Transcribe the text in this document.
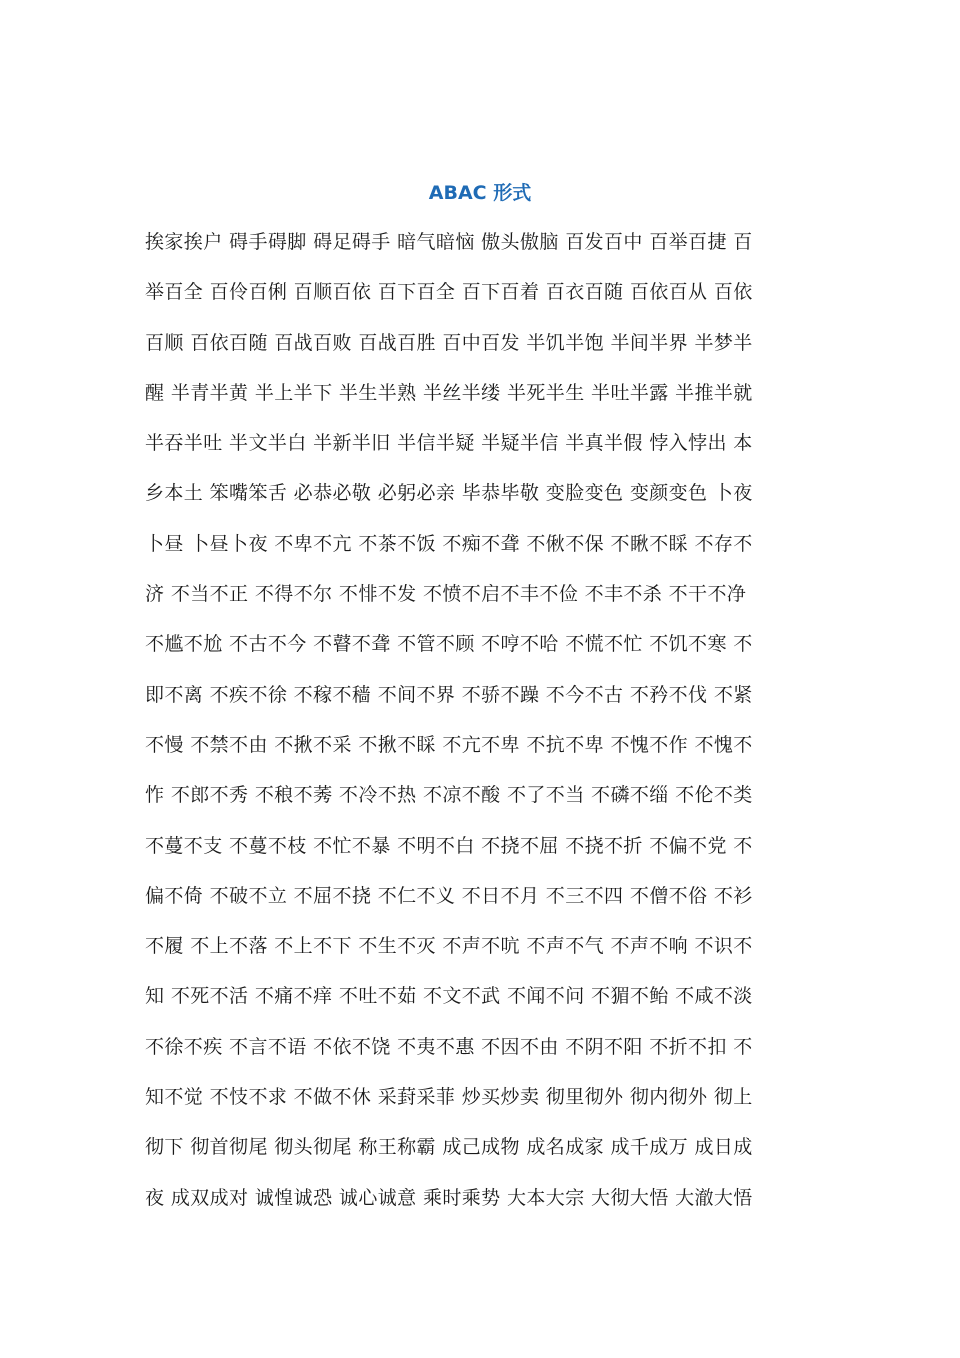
ABAC 形式
挨家挨户 碍手碍脚 碍足碍手 暗气暗恼 傲头傲脑 百发百中 百举百捷 百
举百全 百伶百俐 百顺百依 百下百全 百下百着 百衣百随 百依百从 百依
百顺 百依百随 百战百败 百战百胜 百中百发 半饥半饱 半间半界 半梦半
醒 半青半黄 半上半下 半生半熟 半丝半缕 半死半生 半吐半露 半推半就
半吞半吐 半文半白 半新半旧 半信半疑 半疑半信 半真半假 悖入悖出 本
乡本土 笨嘴笨舌 必恭必敬 必躬必亲 毕恭毕敬 变脸变色 变颜变色 卜夜
卜昼 卜昼卜夜 不卑不亢 不茶不饭 不痴不聋 不偢不保 不瞅不睬 不存不
济 不当不正 不得不尔 不悱不发 不愤不启不丰不俭 不丰不杀 不干不净
不尴不尬 不古不今 不瞽不聋 不管不顾 不哼不哈 不慌不忙 不饥不寒 不
即不离 不疾不徐 不稼不穑 不间不界 不骄不躁 不今不古 不矜不伐 不紧
不慢 不禁不由 不揪不采 不揪不睬 不亢不卑 不抗不卑 不愧不作 不愧不
怍 不郎不秀 不稂不莠 不冷不热 不凉不酸 不了不当 不磷不缁 不伦不类
不蔓不支 不蔓不枝 不忙不暴 不明不白 不挠不屈 不挠不折 不偏不党 不
偏不倚 不破不立 不屈不挠 不仁不义 不日不月 不三不四 不僧不俗 不衫
不履 不上不落 不上不下 不生不灭 不声不吭 不声不气 不声不响 不识不
知 不死不活 不痛不痒 不吐不茹 不文不武 不闻不问 不猸不鲐 不咸不淡
不徐不疾 不言不语 不依不饶 不夷不惠 不因不由 不阴不阳 不折不扣 不
知不觉 不忮不求 不做不休 采葑采菲 炒买炒卖 彻里彻外 彻内彻外 彻上
彻下 彻首彻尾 彻头彻尾 称王称霸 成己成物 成名成家 成千成万 成日成
夜 成双成对 诚惶诚恐 诚心诚意 乘时乘势 大本大宗 大彻大悟 大澈大悟
